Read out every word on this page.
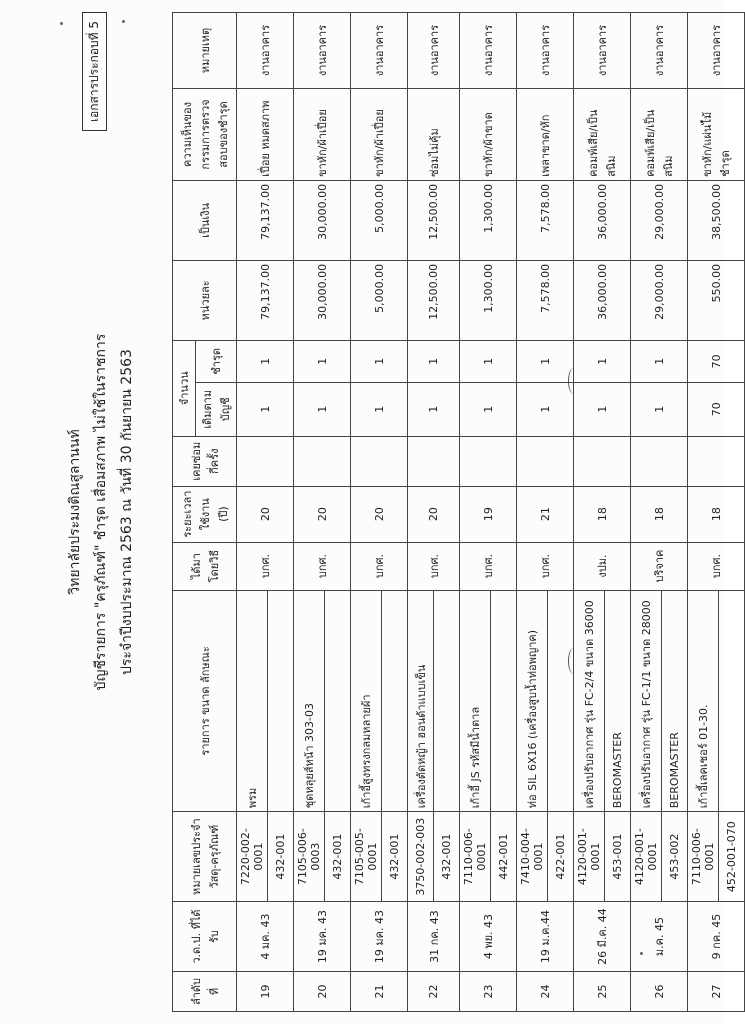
เอกสารประกอบที่ 5
วิทยาลัยประมงติณสูลานนท์ บัญชีรายการ "ครุภัณฑ์" ชำรุด เสื่อมสภาพ ไม่ใช้ในราชการ ประจำปีงบประมาณ 2563 ณ วันที่ 30 กันยายน 2563
ลำดับที่	ว.ด.ป. ที่ได้รับ	หมายเลขประจำวัสดุ-ครุภัณฑ์	รายการ ขนาด ลักษณะ	ได้มาโดยวิธี	ระยะเวลาใช้งาน (ปี)	เคยซ่อมกี่ครั้ง	จำนวน		หน่วยละ	เป็นเงิน	ความเห็นของกรรมการตรวจสอบของชำรุด	หมายเหตุ
							เดิมตามบัญชี	ชำรุด				
19	4 มค. 43	7220-002-0001	พรม	บกศ.	20		1	1	79,137.00	79,137.00	เปื่อย หมดสภาพ	งานอาคาร
		432-001										
20	19 มค. 43	7105-006-0003	ชุดหลุยส์หน้า 303-03	บกศ.	20		1	1	30,000.00	30,000.00	ขาหัก/ผ้าเปื่อย	งานอาคาร
		432-001										
21	19 มค. 43	7105-005-0001	เก้าอี้สูงทรงกลมหลายผ้า	บกศ.	20		1	1	5,000.00	5,000.00	ขาหัก/ผ้าเปื่อย	งานอาคาร
		432-001										
22	31 กค. 43	3750-002-003	เครื่องตัดหญ้า ฮอนด้าแบบเข็น	บกศ.	20		1	1	12,500.00	12,500.00	ซ่อมไม่คุ้ม	งานอาคาร
		432-001										
23	4 พย. 43	7110-006-0001	เก้าอี้ JS รหัสมีน้ำตาล	บกศ.	19		1	1	1,300.00	1,300.00	ขาหัก/ผ้าขาด	งานอาคาร
		442-001										
24	19 ม.ค.44	7410-004-0001	ท่อ SIL 6X16 (เครื่องสูบน้ำท่อพญาค)	บกศ.	21		1	1	7,578.00	7,578.00	เพลาขาด/หัก	งานอาคาร
		422-001										
25	26 มี.ค. 44	4120-001-0001	เครื่องปรับอากาศ รุ่น FC-2/4 ขนาด 36000	งปม.	18		1	1	36,000.00	36,000.00	คอมพ์เสีย/เป็นสนิม	งานอาคาร
		453-001	BEROMASTER									
26	ม.ค. 45	4120-001-0001	เครื่องปรับอากาศ รุ่น FC-1/1 ขนาด 28000	บริจาค	18		1	1	29,000.00	29,000.00	คอมพ์เสีย/เป็นสนิม	งานอาคาร
		453-002	BEROMASTER									
27	9 กค. 45	7110-006-0001	เก้าอี้เลคเชอร์ 01-30.	บกศ.	18		70	70	550.00	38,500.00	ขาหัก/แผ่นไม้ชำรุด	งานอาคาร
		452-001-070										
